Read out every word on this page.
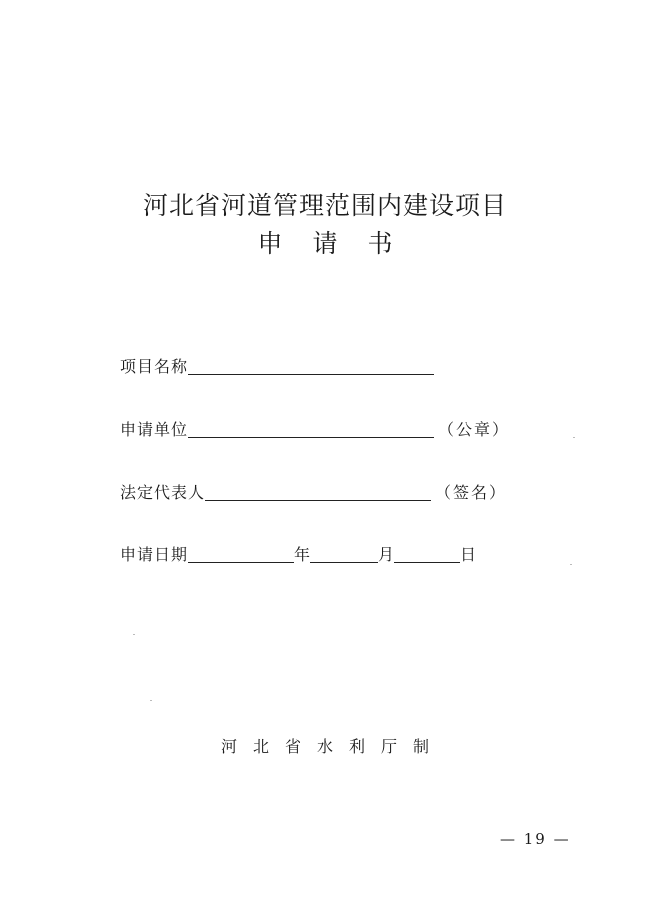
河北省河道管理范围内建设项目
申请书
项目名称
申请单位	（公章）
法定代表人	（签名）
申请日期	年	月	日
河北省水利厅制
— 19 —
